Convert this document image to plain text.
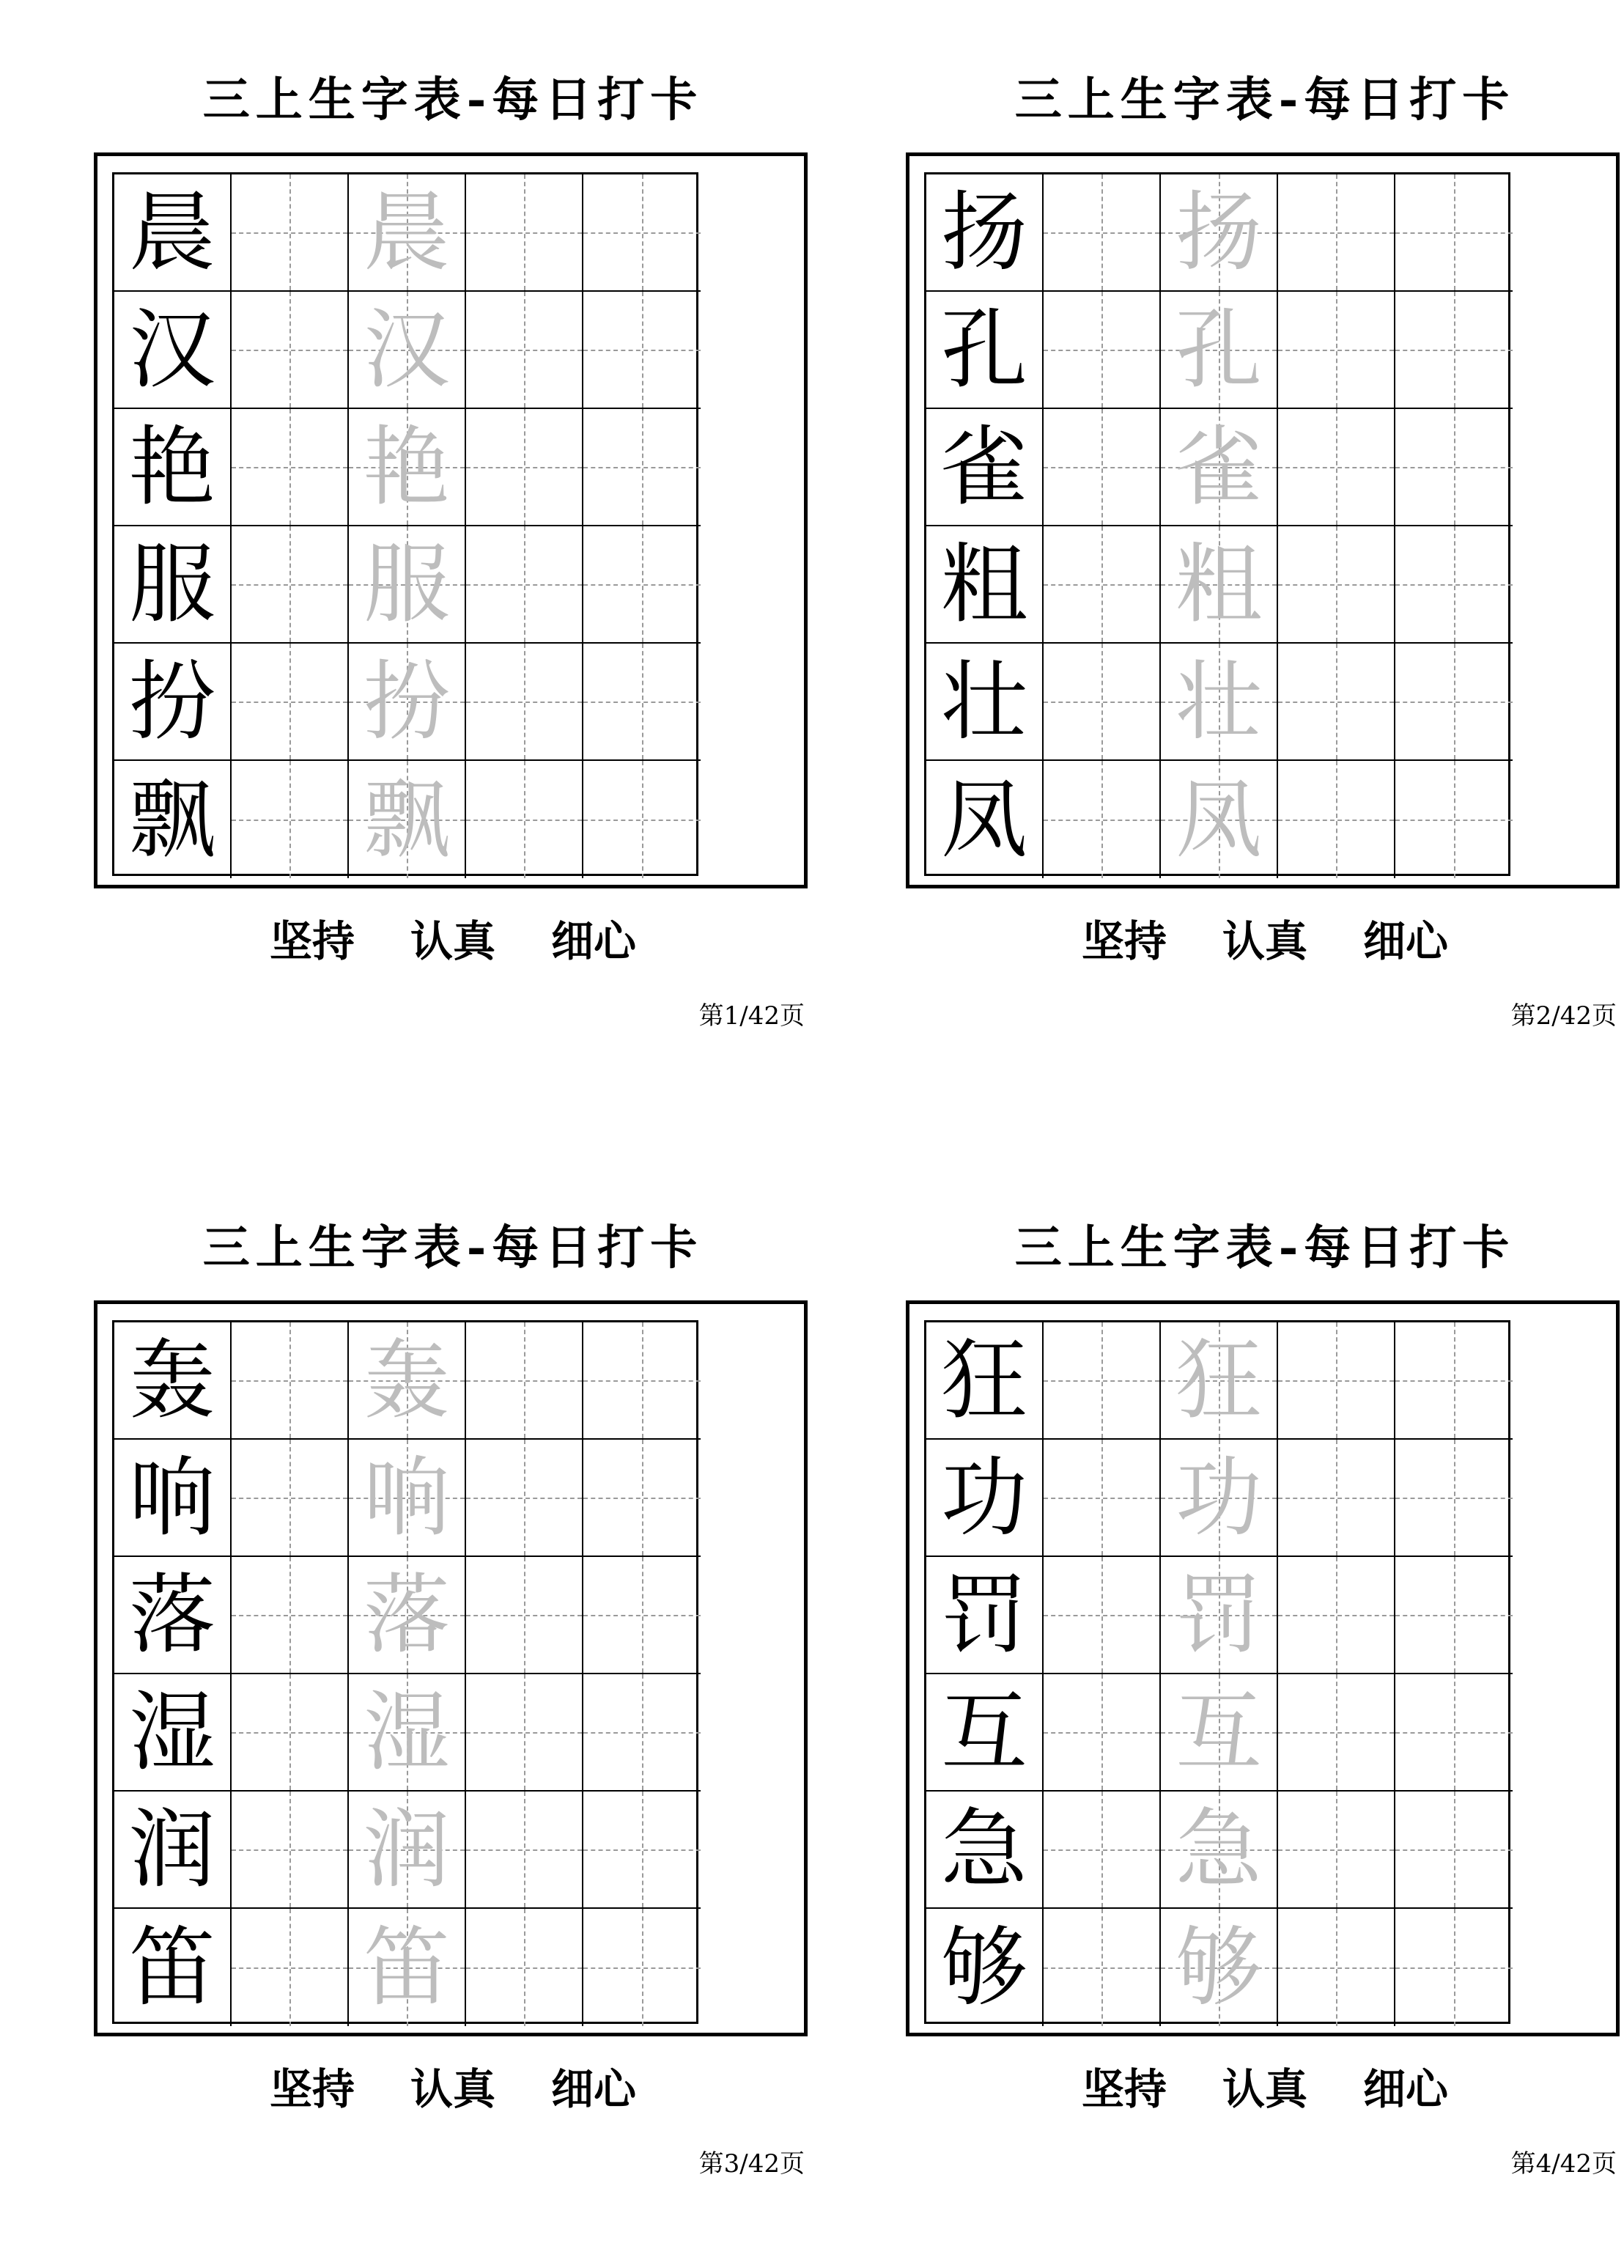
三上生字表-每日打卡
晨 晨
汉 汉
艳 艳
服 服
扮 扮
飘 飘
坚持 认真 细心
第1/42页
三上生字表-每日打卡
扬 扬
孔 孔
雀 雀
粗 粗
壮 壮
凤 凤
坚持 认真 细心
第2/42页
三上生字表-每日打卡
轰 轰
响 响
落 落
湿 湿
润 润
笛 笛
坚持 认真 细心
第3/42页
三上生字表-每日打卡
狂 狂
功 功
罚 罚
互 互
急 急
够 够
坚持 认真 细心
第4/42页
